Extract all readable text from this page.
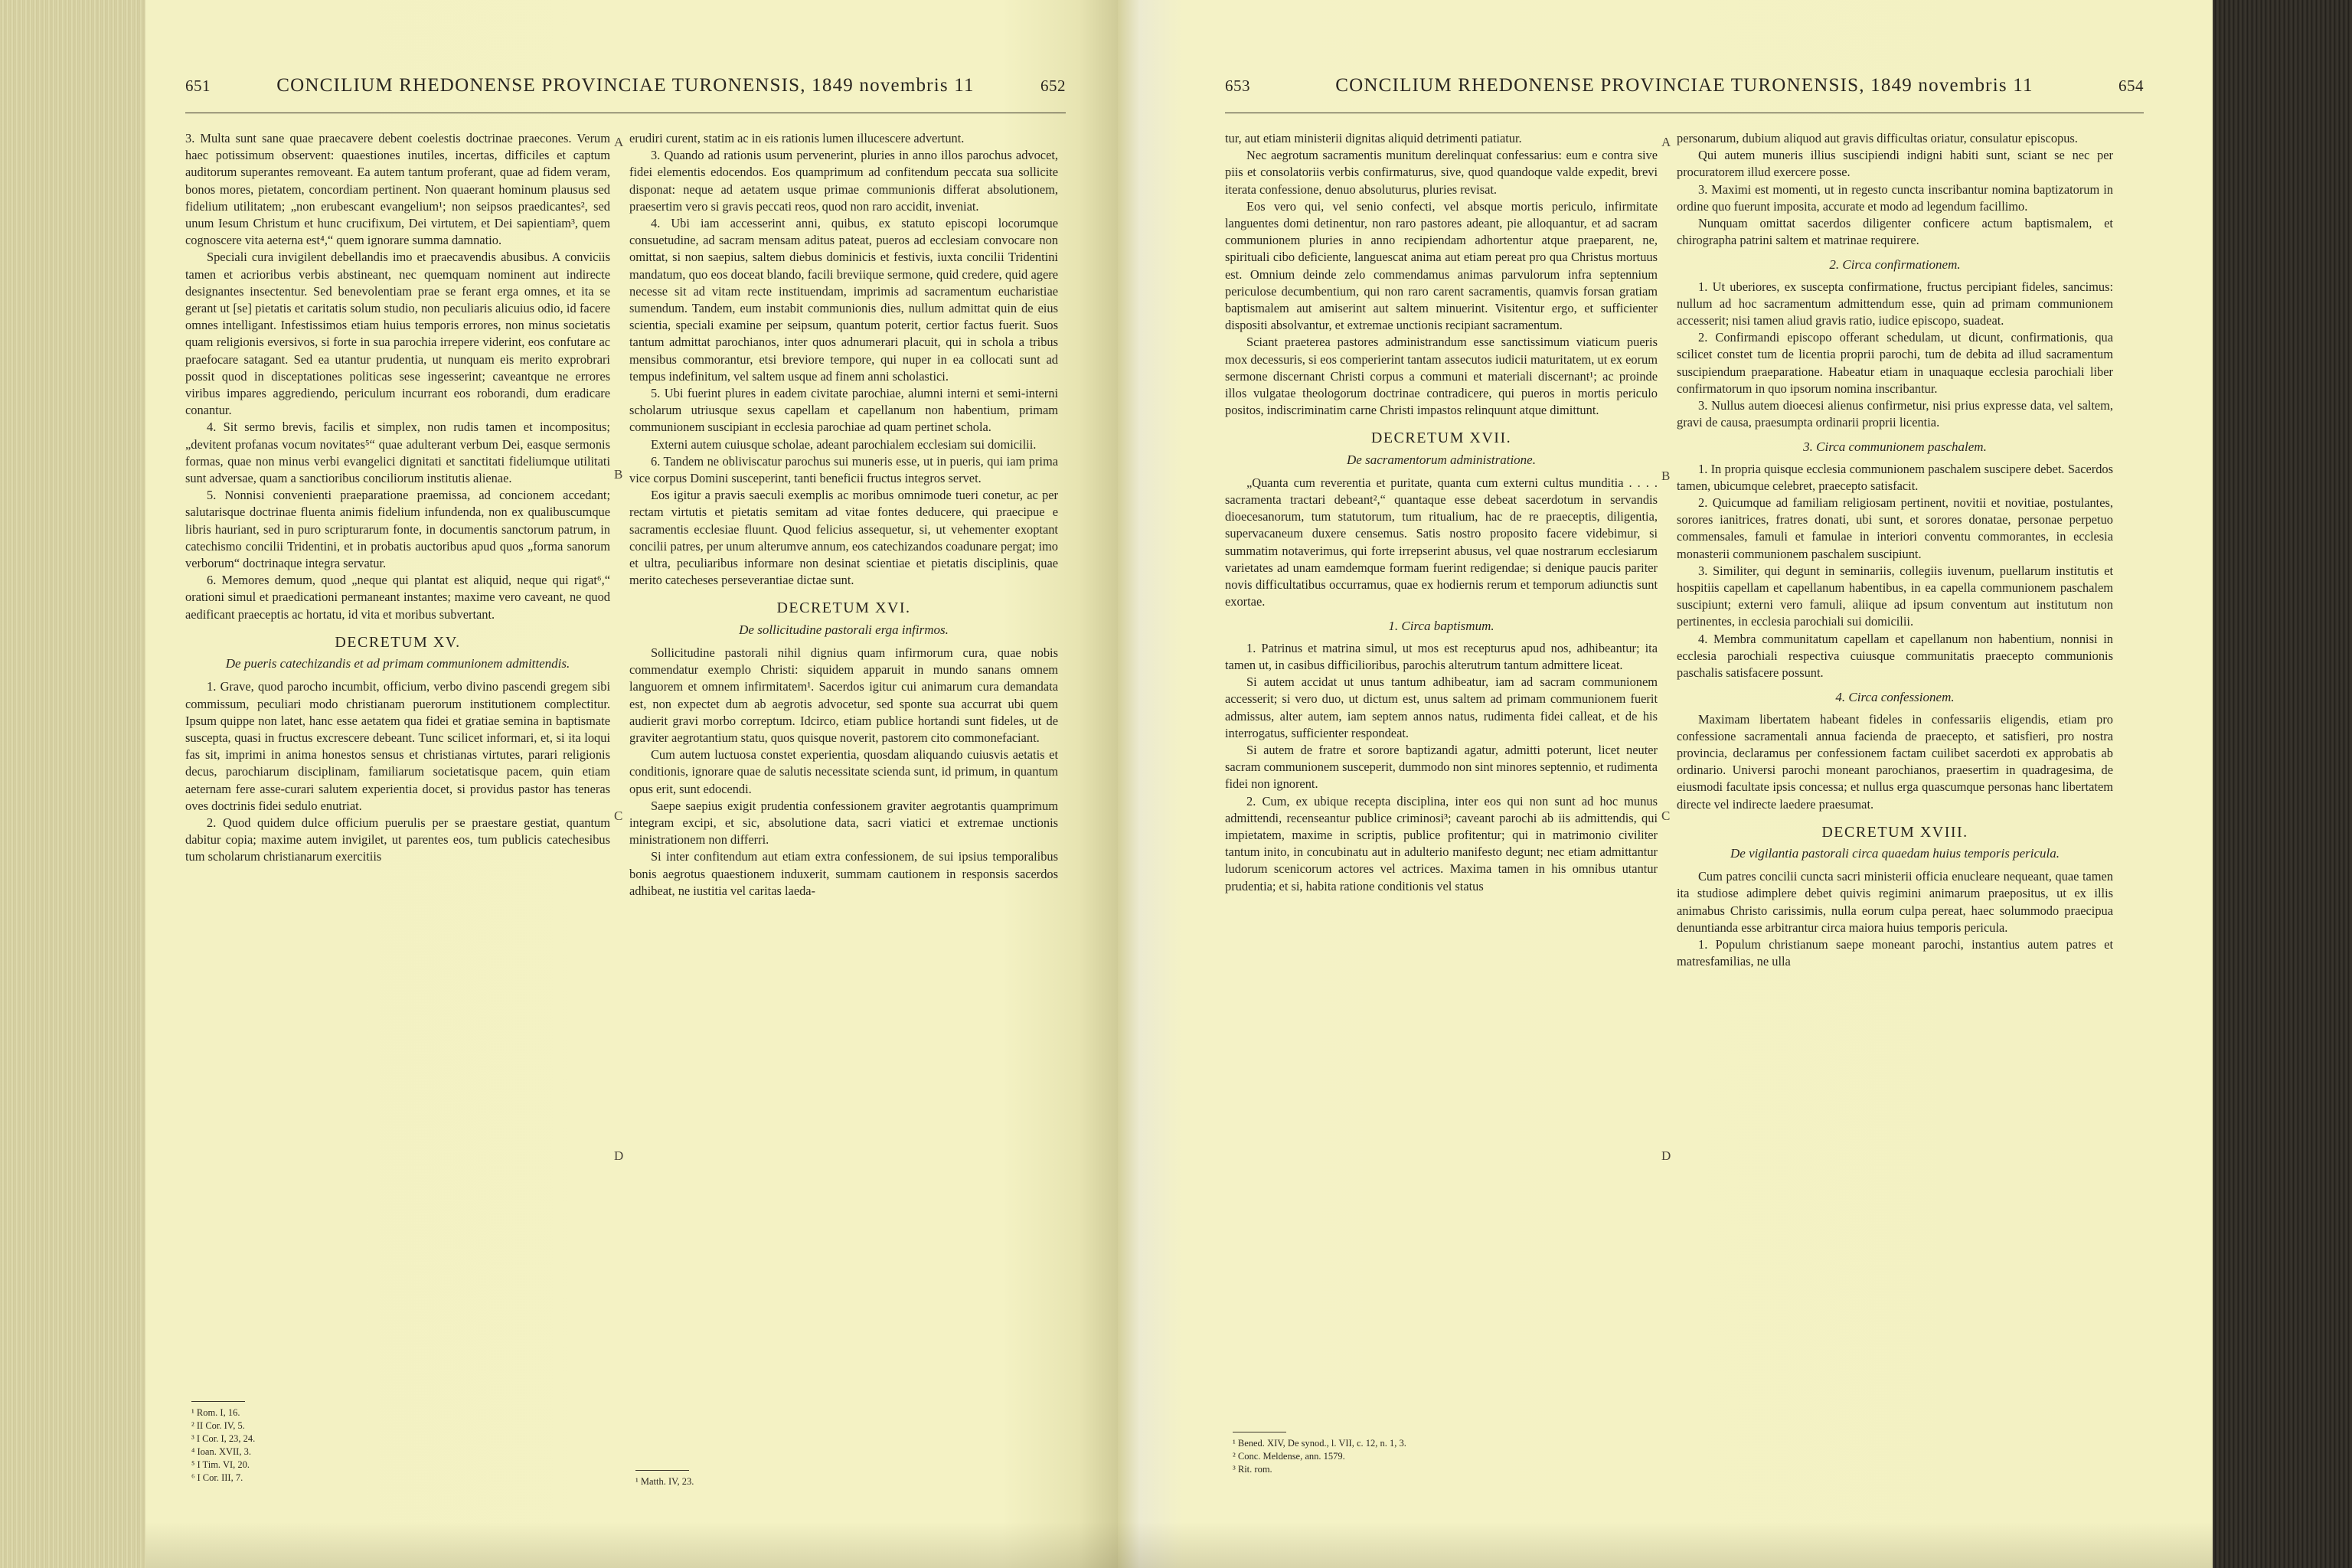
651	CONCILIUM RHEDONENSE PROVINCIAE TURONENSIS, 1849 novembris 11	652

3. Multa sunt sane quae praecavere debent coelestis doctrinae praecones. Verum haec potissimum observent: quaestiones inutiles, incertas, difficiles et captum auditorum superantes removeant. Ea autem tantum proferant, quae ad fidem veram, bonos mores, pietatem, concordiam pertinent. Non quaerant hominum plausus sed fidelium utilitatem; „non erubescant evangelium¹; non seipsos praedicantes², sed unum Iesum Christum et hunc crucifixum, Dei virtutem, et Dei sapientiam³, quem cognoscere vita aeterna est⁴,“ quem ignorare summa damnatio.

Speciali cura invigilent debellandis imo et praecavendis abusibus. A conviciis tamen et acrioribus verbis abstineant, nec quemquam nominent aut indirecte designantes insectentur. Sed benevolentiam prae se ferant erga omnes, et ita se gerant ut [se] pietatis et caritatis solum studio, non peculiaris alicuius odio, id facere omnes intelligant. Infestissimos etiam huius temporis errores, non minus societatis quam religionis eversivos, si forte in sua parochia irrepere viderint, eos confutare ac praefocare satagant. Sed ea utantur prudentia, ut nunquam eis merito exprobrari possit quod in disceptationes politicas sese ingesserint; caveantque ne errores viribus impares aggrediendo, periculum incurrant eos roborandi, dum eradicare conantur.

4. Sit sermo brevis, facilis et simplex, non rudis tamen et incompositus; „devitent profanas vocum novitates⁵“ quae adulterant verbum Dei, easque sermonis formas, quae non minus verbi evangelici dignitati et sanctitati fideliumque utilitati sunt adversae, quam a sanctioribus conciliorum institutis alienae.

5. Nonnisi convenienti praeparatione praemissa, ad concionem accedant; salutarisque doctrinae fluenta animis fidelium infundenda, non ex qualibuscumque libris hauriant, sed in puro scripturarum fonte, in documentis sanctorum patrum, in catechismo concilii Tridentini, et in probatis auctoribus apud quos „forma sanorum verborum“ doctrinaque integra servatur.

6. Memores demum, quod „neque qui plantat est aliquid, neque qui rigat⁶,“ orationi simul et praedicationi permaneant instantes; maxime vero caveant, ne quod aedificant praeceptis ac hortatu, id vita et moribus subvertant.

DECRETUM XV.
De pueris catechizandis et ad primam communionem admittendis.

1. Grave, quod parocho incumbit, officium, verbo divino pascendi gregem sibi commissum, peculiari modo christianam puerorum institutionem complectitur. Ipsum quippe non latet, hanc esse aetatem qua fidei et gratiae semina in baptismate suscepta, quasi in fructus excrescere debeant. Tunc scilicet informari, et, si ita loqui fas sit, imprimi in anima honestos sensus et christianas virtutes, parari religionis decus, parochiarum disciplinam, familiarum societatisque pacem, quin etiam aeternam fere asse-curari salutem experientia docet, si providus pastor has teneras oves doctrinis fidei sedulo enutriat.

2. Quod quidem dulce officium puerulis per se praestare gestiat, quantum dabitur copia; maxime autem invigilet, ut parentes eos, tum publicis catechesibus tum scholarum christianarum exercitiis

¹ Rom. I, 16.
² II Cor. IV, 5.
³ I Cor. I, 23, 24.
⁴ Ioan. XVII, 3.
⁵ I Tim. VI, 20.
⁶ I Cor. III, 7.
A
B
C
D

erudiri curent, statim ac in eis rationis lumen illucescere advertunt.

3. Quando ad rationis usum pervenerint, pluries in anno illos parochus advocet, fidei elementis edocendos. Eos quamprimum ad confitendum peccata sua sollicite disponat: neque ad aetatem usque primae communionis differat absolutionem, praesertim vero si gravis peccati reos, quod non raro accidit, inveniat.

4. Ubi iam accesserint anni, quibus, ex statuto episcopi locorumque consuetudine, ad sacram mensam aditus pateat, pueros ad ecclesiam convocare non omittat, si non saepius, saltem diebus dominicis et festivis, iuxta concilii Tridentini mandatum, quo eos doceat blando, facili breviique sermone, quid credere, quid agere necesse sit ad vitam recte instituendam, imprimis ad sacramentum eucharistiae sumendum. Tandem, eum instabit communionis dies, nullum admittat quin de eius scientia, speciali examine per seipsum, quantum poterit, certior factus fuerit. Suos tantum admittat parochianos, inter quos adnumerari placuit, qui in schola a tribus mensibus commorantur, etsi breviore tempore, qui nuper in ea collocati sunt ad tempus indefinitum, vel saltem usque ad finem anni scholastici.

5. Ubi fuerint plures in eadem civitate parochiae, alumni interni et semi-interni scholarum utriusque sexus capellam et capellanum non habentium, primam communionem suscipiant in ecclesia parochiae ad quam pertinet schola.

Externi autem cuiusque scholae, adeant parochialem ecclesiam sui domicilii.

6. Tandem ne obliviscatur parochus sui muneris esse, ut in pueris, qui iam prima vice corpus Domini susceperint, tanti beneficii fructus integros servet.

Eos igitur a pravis saeculi exemplis ac moribus omnimode tueri conetur, ac per rectam virtutis et pietatis semitam ad vitae fontes deducere, qui praecipue e sacramentis ecclesiae fluunt. Quod felicius assequetur, si, ut vehementer exoptant concilii patres, per unum alterumve annum, eos catechizandos coadunare pergat; imo et ultra, peculiaribus informare non desinat scientiae et pietatis disciplinis, quae merito catecheses perseverantiae dictae sunt.

DECRETUM XVI.
De sollicitudine pastorali erga infirmos.

Sollicitudine pastorali nihil dignius quam infirmorum cura, quae nobis commendatur exemplo Christi: siquidem apparuit in mundo sanans omnem languorem et omnem infirmitatem¹. Sacerdos igitur cui animarum cura demandata est, non expectet dum ab aegrotis advocetur, sed sponte sua accurrat ubi quem audierit gravi morbo correptum. Idcirco, etiam publice hortandi sunt fideles, ut de graviter aegrotantium statu, quos quisque noverit, pastorem cito commonefaciant.

Cum autem luctuosa constet experientia, quosdam aliquando cuiusvis aetatis et conditionis, ignorare quae de salutis necessitate scienda sunt, id primum, in quantum opus erit, sunt edocendi.

Saepe saepius exigit prudentia confessionem graviter aegrotantis quamprimum integram excipi, et sic, absolutione data, sacri viatici et extremae unctionis ministrationem non differri.

Si inter confitendum aut etiam extra confessionem, de sui ipsius temporalibus bonis aegrotus quaestionem induxerit, summam cautionem in responsis sacerdos adhibeat, ne iustitia vel caritas laeda-

¹ Matth. IV, 23.
653	CONCILIUM RHEDONENSE PROVINCIAE TURONENSIS, 1849 novembris 11	654

tur, aut etiam ministerii dignitas aliquid detrimenti patiatur.

Nec aegrotum sacramentis munitum derelinquat confessarius: eum e contra sive piis et consolatoriis verbis confirmaturus, sive, quod quandoque valde expedit, brevi iterata confessione, denuo absoluturus, pluries revisat.

Eos vero qui, vel senio confecti, vel absque mortis periculo, infirmitate languentes domi detinentur, non raro pastores adeant, pie alloquantur, et ad sacram communionem pluries in anno recipiendam adhortentur atque praeparent, ne, spirituali cibo deficiente, languescat anima aut etiam pereat pro qua Christus mortuus est. Omnium deinde zelo commendamus animas parvulorum infra septennium periculose decumbentium, qui non raro carent sacramentis, quamvis forsan gratiam baptismalem aut amiserint aut saltem minuerint. Visitentur ergo, et sufficienter dispositi absolvantur, et extremae unctionis recipiant sacramentum.

Sciant praeterea pastores administrandum esse sanctissimum viaticum pueris mox decessuris, si eos comperierint tantam assecutos iudicii maturitatem, ut ex eorum sermone discernant Christi corpus a communi et materiali discernant¹; ac proinde illos vulgatae theologorum doctrinae contradicere, qui pueros in mortis periculo positos, indiscriminatim carne Christi impastos relinquunt atque dimittunt.

DECRETUM XVII.
De sacramentorum administratione.

„Quanta cum reverentia et puritate, quanta cum externi cultus munditia . . . . sacramenta tractari debeant²,“ quantaque esse debeat sacerdotum in servandis dioecesanorum, tum statutorum, tum ritualium, hac de re praeceptis, diligentia, supervacaneum duxere censemus. Satis nostro proposito facere videbimur, si summatim notaverimus, qui forte irrepserint abusus, vel quae nostrarum ecclesiarum varietates ad unam eamdemque formam fuerint redigendae; si denique paucis pariter novis difficultatibus occurramus, quae ex hodiernis rerum et temporum adiunctis sunt exortae.

1. Circa baptismum.

1. Patrinus et matrina simul, ut mos est recepturus apud nos, adhibeantur; ita tamen ut, in casibus difficilioribus, parochis alterutrum tantum admittere liceat.

Si autem accidat ut unus tantum adhibeatur, iam ad sacram communionem accesserit; si vero duo, ut dictum est, unus saltem ad primam communionem fuerit admissus, alter autem, iam septem annos natus, rudimenta fidei calleat, et de his interrogatus, sufficienter respondeat.

Si autem de fratre et sorore baptizandi agatur, admitti poterunt, licet neuter sacram communionem susceperit, dummodo non sint minores septennio, et rudimenta fidei non ignorent.

2. Cum, ex ubique recepta disciplina, inter eos qui non sunt ad hoc munus admittendi, recenseantur publice criminosi³; caveant parochi ab iis admittendis, qui impietatem, maxime in scriptis, publice profitentur; qui in matrimonio civiliter tantum inito, in concubinatu aut in adulterio manifesto degunt; nec etiam admittantur ludorum scenicorum actores vel actrices. Maxima tamen in his omnibus utantur prudentia; et si, habita ratione conditionis vel status

¹ Bened. XIV, De synod., l. VII, c. 12, n. 1, 3.
² Conc. Meldense, ann. 1579.
³ Rit. rom.
A
B
C
D

personarum, dubium aliquod aut gravis difficultas oriatur, consulatur episcopus.

Qui autem muneris illius suscipiendi indigni habiti sunt, sciant se nec per procuratorem illud exercere posse.

3. Maximi est momenti, ut in regesto cuncta inscribantur nomina baptizatorum in ordine quo fuerunt imposita, accurate et modo ad legendum facillimo.

Nunquam omittat sacerdos diligenter conficere actum baptismalem, et chirographa patrini saltem et matrinae requirere.

2. Circa confirmationem.

1. Ut uberiores, ex suscepta confirmatione, fructus percipiant fideles, sancimus: nullum ad hoc sacramentum admittendum esse, quin ad primam communionem accesserit; nisi tamen aliud gravis ratio, iudice episcopo, suadeat.

2. Confirmandi episcopo offerant schedulam, ut dicunt, confirmationis, qua scilicet constet tum de licentia proprii parochi, tum de debita ad illud sacramentum suscipiendum praeparatione. Habeatur etiam in unaquaque ecclesia parochiali liber confirmatorum in quo ipsorum nomina inscribantur.

3. Nullus autem dioecesi alienus confirmetur, nisi prius expresse data, vel saltem, gravi de causa, praesumpta ordinarii proprii licentia.

3. Circa communionem paschalem.

1. In propria quisque ecclesia communionem paschalem suscipere debet. Sacerdos tamen, ubicumque celebret, praecepto satisfacit.

2. Quicumque ad familiam religiosam pertinent, novitii et novitiae, postulantes, sorores ianitrices, fratres donati, ubi sunt, et sorores donatae, personae perpetuo commensales, famuli et famulae in interiori conventu commorantes, in ecclesia monasterii communionem paschalem suscipiunt.

3. Similiter, qui degunt in seminariis, collegiis iuvenum, puellarum institutis et hospitiis capellam et capellanum habentibus, in ea capella communionem paschalem suscipiunt; externi vero famuli, aliique ad ipsum conventum aut institutum non pertinentes, in ecclesia parochiali sui domicilii.

4. Membra communitatum capellam et capellanum non habentium, nonnisi in ecclesia parochiali respectiva cuiusque communitatis praecepto communionis paschalis satisfacere possunt.

4. Circa confessionem.

Maximam libertatem habeant fideles in confessariis eligendis, etiam pro confessione sacramentali annua facienda de praecepto, et satisfieri, pro nostra provincia, declaramus per confessionem factam cuilibet sacerdoti ex approbatis ab ordinario. Universi parochi moneant parochianos, praesertim in quadragesima, de eiusmodi facultate ipsis concessa; et nullus erga quascumque personas hanc libertatem directe vel indirecte laedere praesumat.

DECRETUM XVIII.
De vigilantia pastorali circa quaedam huius temporis pericula.

Cum patres concilii cuncta sacri ministerii officia enucleare nequeant, quae tamen ita studiose adimplere debet quivis regimini animarum praepositus, ut ex illis animabus Christo carissimis, nulla eorum culpa pereat, haec solummodo praecipua denuntianda esse arbitrantur circa maiora huius temporis pericula.

1. Populum christianum saepe moneant parochi, instantius autem patres et matresfamilias, ne ulla
